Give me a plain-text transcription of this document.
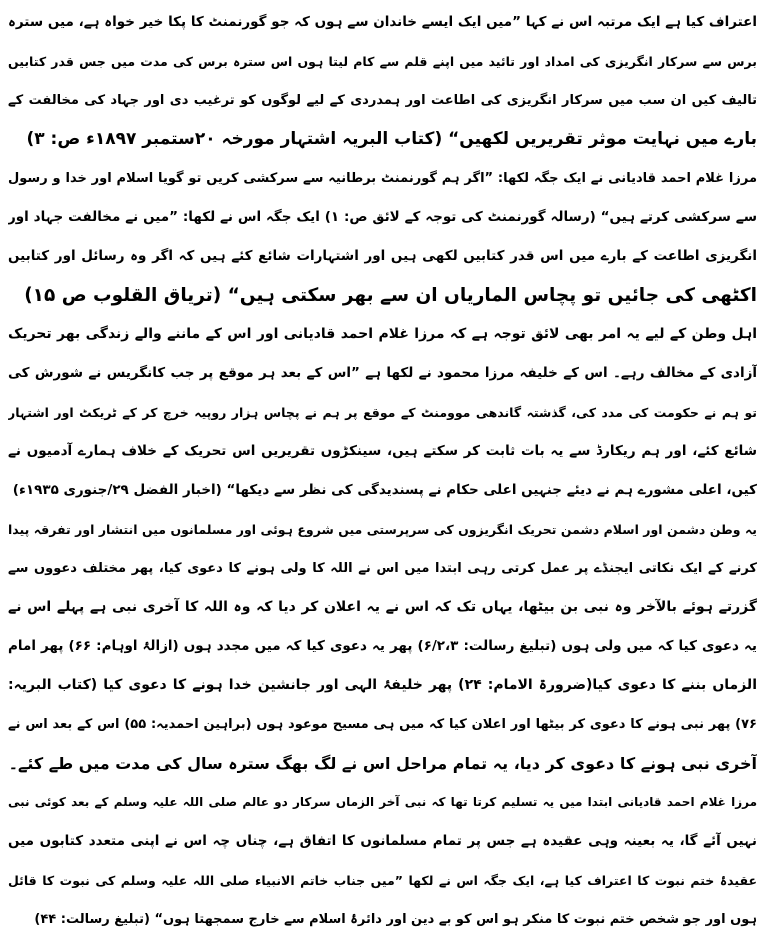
اعتراف کیا ہے ایک مرتبہ اس نے کہا ”میں ایک ایسے خاندان سے ہوں کہ جو گورنمنٹ کا پکا خیر خواہ ہے، میں سترہ
برس سے سرکار انگریزی کی امداد اور تائید میں اپنے قلم سے کام لیتا ہوں اس سترہ برس کی مدت میں جس قدر کتابیں
تالیف کیں ان سب میں سرکار انگریزی کی اطاعت اور ہمدردی کے لیے لوگوں کو ترغیب دی اور جہاد کی مخالفت کے
بارے میں نہایت موثر تقریریں لکھیں“ (کتاب البریہ اشتہار مورخہ ۲۰ستمبر ۱۸۹۷ء ص: ۳)
مرزا غلام احمد قادیانی نے ایک جگہ لکھا: ”اگر ہم گورنمنٹ برطانیہ سے سرکشی کریں تو گویا اسلام اور خدا و رسول
سے سرکشی کرتے ہیں“ (رسالہ گورنمنٹ کی توجہ کے لائق ص: ۱) ایک جگہ اس نے لکھا: ”میں نے مخالفت جہاد اور
انگریزی اطاعت کے بارے میں اس قدر کتابیں لکھی ہیں اور اشتہارات شائع کئے ہیں کہ اگر وہ رسائل اور کتابیں
اکٹھی کی جائیں تو پچاس الماریاں ان سے بھر سکتی ہیں“ (تریاق القلوب ص ۱۵)
اہل وطن کے لیے یہ امر بھی لائق توجہ ہے کہ مرزا غلام احمد قادیانی اور اس کے ماننے والے زندگی بھر تحریک
آزادی کے مخالف رہے۔ اس کے خلیفہ مرزا محمود نے لکھا ہے ”اس کے بعد ہر موقع پر جب کانگریس نے شورش کی
تو ہم نے حکومت کی مدد کی، گذشتہ گاندھی موومنٹ کے موقع پر ہم نے پچاس ہزار روپیہ خرچ کر کے ٹریکٹ اور اشتہار
شائع کئے، اور ہم ریکارڈ سے یہ بات ثابت کر سکتے ہیں، سینکڑوں تقریریں اس تحریک کے خلاف ہمارے آدمیوں نے
کیں، اعلی مشورے ہم نے دیئے جنہیں اعلی حکام نے پسندیدگی کی نظر سے دیکھا“ (اخبار الفضل ۲۹/جنوری ۱۹۳۵ء)
یہ وطن دشمن اور اسلام دشمن تحریک انگریزوں کی سرپرستی میں شروع ہوئی اور مسلمانوں میں انتشار اور تفرقہ پیدا
کرنے کے ایک نکاتی ایجنڈے پر عمل کرتی رہی ابتدا میں اس نے اللہ کا ولی ہونے کا دعوی کیا، پھر مختلف دعووں سے
گزرتے ہوئے بالآخر وہ نبی بن بیٹھا، یہاں تک کہ اس نے یہ اعلان کر دیا کہ وہ اللہ کا آخری نبی ہے پہلے اس نے
یہ دعوی کیا کہ میں ولی ہوں (تبلیغ رسالت: ۶/۲،۳) پھر یہ دعوی کیا کہ میں مجدد ہوں (ازالۂ اوہام: ۶۶) پھر امام
الزماں بننے کا دعوی کیا(ضرورۃ الامام: ۲۴) پھر خلیفۂ الہی اور جانشین خدا ہونے کا دعوی کیا (کتاب البریہ:
۷۶) پھر نبی ہونے کا دعوی کر بیٹھا اور اعلان کیا کہ میں ہی مسیح موعود ہوں (براہین احمدیہ: ۵۵) اس کے بعد اس نے
آخری نبی ہونے کا دعوی کر دیا، یہ تمام مراحل اس نے لگ بھگ سترہ سال کی مدت میں طے کئے۔
مرزا غلام احمد قادیانی ابتدا میں یہ تسلیم کرتا تھا کہ نبی آخر الزماں سرکار دو عالم صلی اللہ علیہ وسلم کے بعد کوئی نبی
نہیں آئے گا، یہ بعینہ وہی عقیدہ ہے جس پر تمام مسلمانوں کا اتفاق ہے، چناں چہ اس نے اپنی متعدد کتابوں میں
عقیدۂ ختم نبوت کا اعتراف کیا ہے، ایک جگہ اس نے لکھا ”میں جناب خاتم الانبیاء صلی اللہ علیہ وسلم کی نبوت کا قائل
ہوں اور جو شخص ختم نبوت کا منکر ہو اس کو بے دین اور دائرۂ اسلام سے خارج سمجھتا ہوں“ (تبلیغ رسالت: ۴۴)
